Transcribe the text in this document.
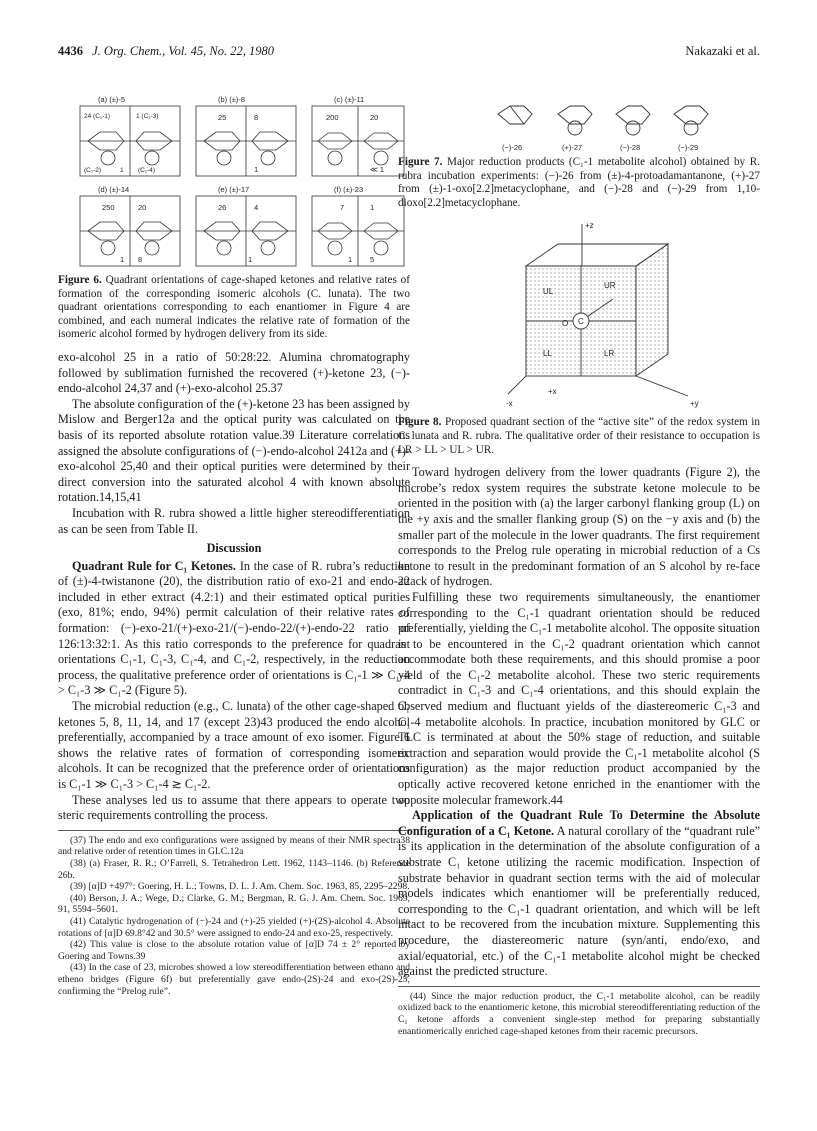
4436 J. Org. Chem., Vol. 45, No. 22, 1980	Nakazaki et al.
(a) (±)-5	(b) (±)-8	(c) (±)-11
(d) (±)-14	(e) (±)-17	(f) (±)-23
24 (C₁-1)	1 (C₁-3)
(C₁-2)	1 (C₁-4)
25	8
1
200	20
≪ 1
250	20
1 8
26	4
1
7	1
1 5

Figure 6. Quadrant orientations of cage-shaped ketones and relative rates of formation of the corresponding isomeric alcohols (C. lunata). The two quadrant orientations corresponding to each enantiomer in Figure 4 are combined, and each numeral indicates the relative rate of formation of the isomeric alcohol formed by hydrogen delivery from its side.

exo-alcohol 25 in a ratio of 50:28:22. Alumina chromatography followed by sublimation furnished the recovered (+)-ketone 23, (−)-endo-alcohol 24,37 and (+)-exo-alcohol 25.37

The absolute configuration of the (+)-ketone 23 has been assigned by Mislow and Berger12a and the optical purity was calculated on the basis of its reported absolute rotation value.39 Literature correlations assigned the absolute configurations of (−)-endo-alcohol 2412a and (+)-exo-alcohol 25,40 and their optical purities were determined by their direct conversion into the saturated alcohol 4 with known absolute rotation.14,15,41

Incubation with R. rubra showed a little higher stereodifferentiation as can be seen from Table II.

Discussion

Quadrant Rule for C₁ Ketones. In the case of R. rubra’s reduction of (±)-4-twistanone (20), the distribution ratio of exo-21 and endo-22 included in ether extract (4.2:1) and their estimated optical purities (exo, 81%; endo, 94%) permit calculation of their relative rates of formation: (−)-exo-21/(+)-exo-21/(−)-endo-22/(+)-endo-22 ratio of 126:13:32:1. As this ratio corresponds to the preference for quadrant orientations C₁-1, C₁-3, C₁-4, and C₁-2, respectively, in the reduction process, the qualitative preference order of orientations is C₁-1 ≫ C₁-4 > C₁-3 ≫ C₁-2 (Figure 5).

The microbial reduction (e.g., C. lunata) of the other cage-shaped C₁ ketones 5, 8, 11, 14, and 17 (except 23)43 produced the endo alcohol preferentially, accompanied by a trace amount of exo isomer. Figure 6 shows the relative rates of formation of corresponding isomeric alcohols. It can be recognized that the preference order of orientations is C₁-1 ≫ C₁-3 > C₁-4 ≳ C₁-2.

These analyses led us to assume that there appears to operate two steric requirements controlling the process.

(37) The endo and exo configurations were assigned by means of their NMR spectra38 and relative order of retention times in GLC.12a

(38) (a) Fraser, R. R.; O’Farrell, S. Tetrahedron Lett. 1962, 1143–1146. (b) Reference 26b.

(39) [α]D +497°: Goering, H. L.; Towns, D. L. J. Am. Chem. Soc. 1963, 85, 2295–2298.

(40) Berson, J. A.; Wege, D.; Clarke, G. M.; Bergman, R. G. J. Am. Chem. Soc. 1969, 91, 5594–5601.

(41) Catalytic hydrogenation of (−)-24 and (+)-25 yielded (+)-(2S)-alcohol 4. Absolute rotations of [α]D 69.8°42 and 30.5° were assigned to endo-24 and exo-25, respectively.

(42) This value is close to the absolute rotation value of [α]D 74 ± 2° reported by Goering and Towns.39

(43) In the case of 23, microbes showed a low stereodifferentiation between ethano and etheno bridges (Figure 6f) but preferentially gave endo-(2S)-24 and exo-(2S)-25, confirming the “Prelog rule”.

(−)-26	(+)-27	(−)-28	(−)-29

Figure 7. Major reduction products (C₁-1 metabolite alcohol) obtained by R. rubra incubation experiments: (−)-26 from (±)-4-protoadamantanone, (+)-27 from (±)-1-oxo[2.2]metacyclophane, and (−)-28 and (−)-29 from 1,10-dioxo[2.2]metacyclophane.

+z
-x	+y
+x
UL
UR
LL	LR
O C

Figure 8. Proposed quadrant section of the “active site” of the redox system in C. lunata and R. rubra. The qualitative order of their resistance to occupation is LR > LL > UL > UR.

Toward hydrogen delivery from the lower quadrants (Figure 2), the microbe’s redox system requires the substrate ketone molecule to be oriented in the position with (a) the larger carbonyl flanking group (L) on the +y axis and the smaller flanking group (S) on the −y axis and (b) the smaller part of the molecule in the lower quadrants. The first requirement corresponds to the Prelog rule operating in microbial reduction of a Cs ketone to result in the predominant formation of an S alcohol by re-face attack of hydrogen.

Fulfilling these two requirements simultaneously, the enantiomer corresponding to the C₁-1 quadrant orientation should be reduced preferentially, yielding the C₁-1 metabolite alcohol. The opposite situation is to be encountered in the C₁-2 quadrant orientation which cannot accommodate both these requirements, and this should promise a poor yield of the C₁-2 metabolite alcohol. These two steric requirements contradict in C₁-3 and C₁-4 orientations, and this should explain the observed medium and fluctuant yields of the diastereomeric C₁-3 and C₁-4 metabolite alcohols. In practice, incubation monitored by GLC or TLC is terminated at about the 50% stage of reduction, and suitable extraction and separation would provide the C₁-1 metabolite alcohol (S configuration) as the major reduction product accompanied by the optically active recovered ketone enriched in the enantiomer with the opposite molecular framework.44

Application of the Quadrant Rule To Determine the Absolute Configuration of a C₁ Ketone. A natural corollary of the “quadrant rule” is its application in the determination of the absolute configuration of a substrate C₁ ketone utilizing the racemic modification. Inspection of substrate behavior in quadrant section terms with the aid of molecular models indicates which enantiomer will be preferentially reduced, corresponding to the C₁-1 quadrant orientation, and which will be left intact to be recovered from the incubation mixture. Supplementing this procedure, the diastereomeric nature (syn/anti, endo/exo, and axial/equatorial, etc.) of the C₁-1 metabolite alcohol might be checked against the predicted structure.

(44) Since the major reduction product, the C₁-1 metabolite alcohol, can be readily oxidized back to the enantiomeric ketone, this microbial stereodifferentiating reduction of the C₁ ketone affords a convenient single-step method for preparing substantially enantiomerically enriched cage-shaped ketones from their racemic precursors.
